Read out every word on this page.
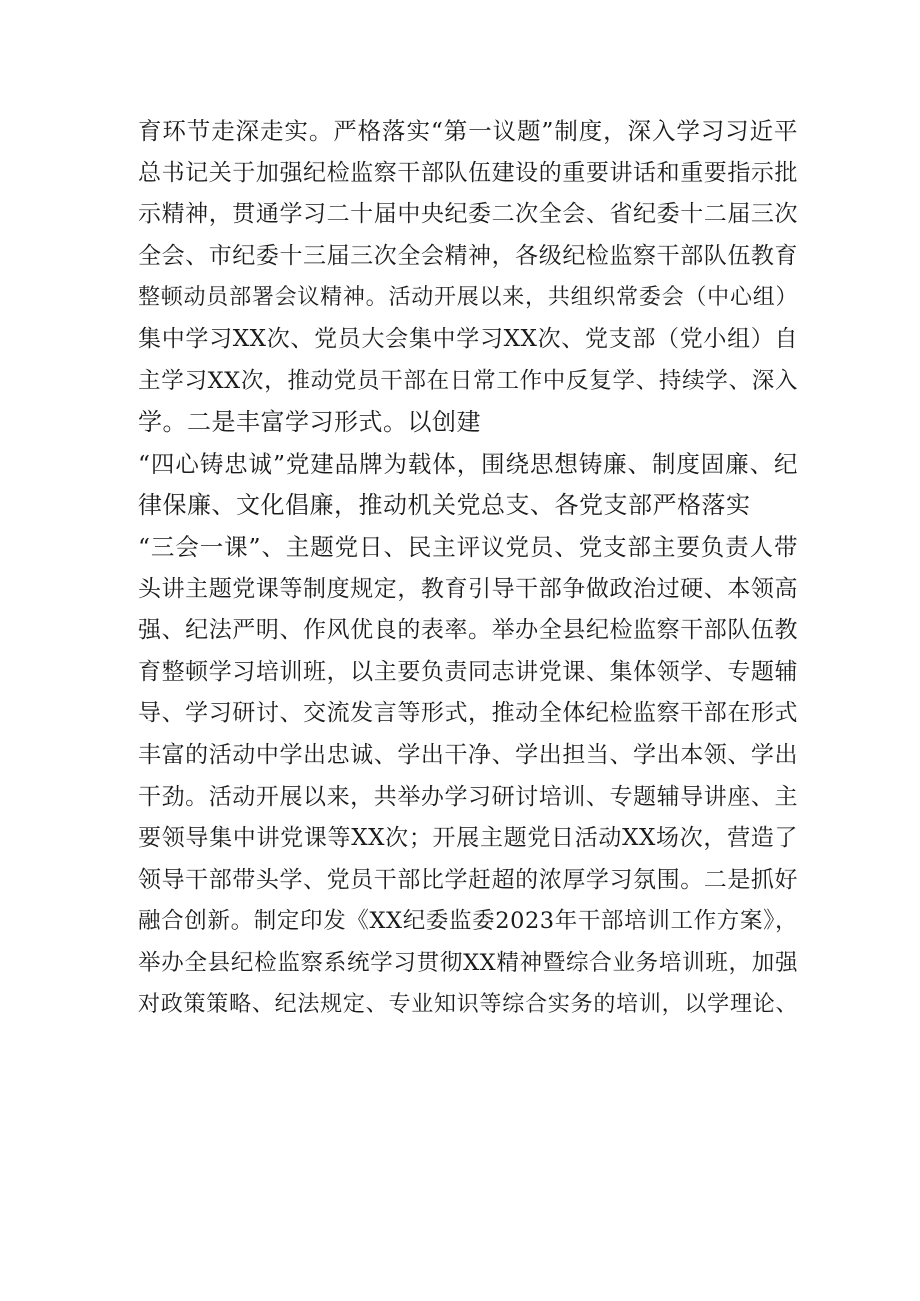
育环节走深走实。严格落实“第一议题”制度，深入学习习近平
总书记关于加强纪检监察干部队伍建设的重要讲话和重要指示批
示精神，贯通学习二十届中央纪委二次全会、省纪委十二届三次
全会、市纪委十三届三次全会精神，各级纪检监察干部队伍教育
整顿动员部署会议精神。活动开展以来，共组织常委会（中心组）
集中学习XX次、党员大会集中学习XX次、党支部（党小组）自
主学习XX次，推动党员干部在日常工作中反复学、持续学、深入
学。二是丰富学习形式。以创建
“四心铸忠诚”党建品牌为载体，围绕思想铸廉、制度固廉、纪
律保廉、文化倡廉，推动机关党总支、各党支部严格落实
“三会一课”、主题党日、民主评议党员、党支部主要负责人带
头讲主题党课等制度规定，教育引导干部争做政治过硬、本领高
强、纪法严明、作风优良的表率。举办全县纪检监察干部队伍教
育整顿学习培训班，以主要负责同志讲党课、集体领学、专题辅
导、学习研讨、交流发言等形式，推动全体纪检监察干部在形式
丰富的活动中学出忠诚、学出干净、学出担当、学出本领、学出
干劲。活动开展以来，共举办学习研讨培训、专题辅导讲座、主
要领导集中讲党课等XX次；开展主题党日活动XX场次，营造了
领导干部带头学、党员干部比学赶超的浓厚学习氛围。二是抓好
融合创新。制定印发《XX纪委监委2023年干部培训工作方案》，
举办全县纪检监察系统学习贯彻XX精神暨综合业务培训班，加强
对政策策略、纪法规定、专业知识等综合实务的培训，以学理论、
